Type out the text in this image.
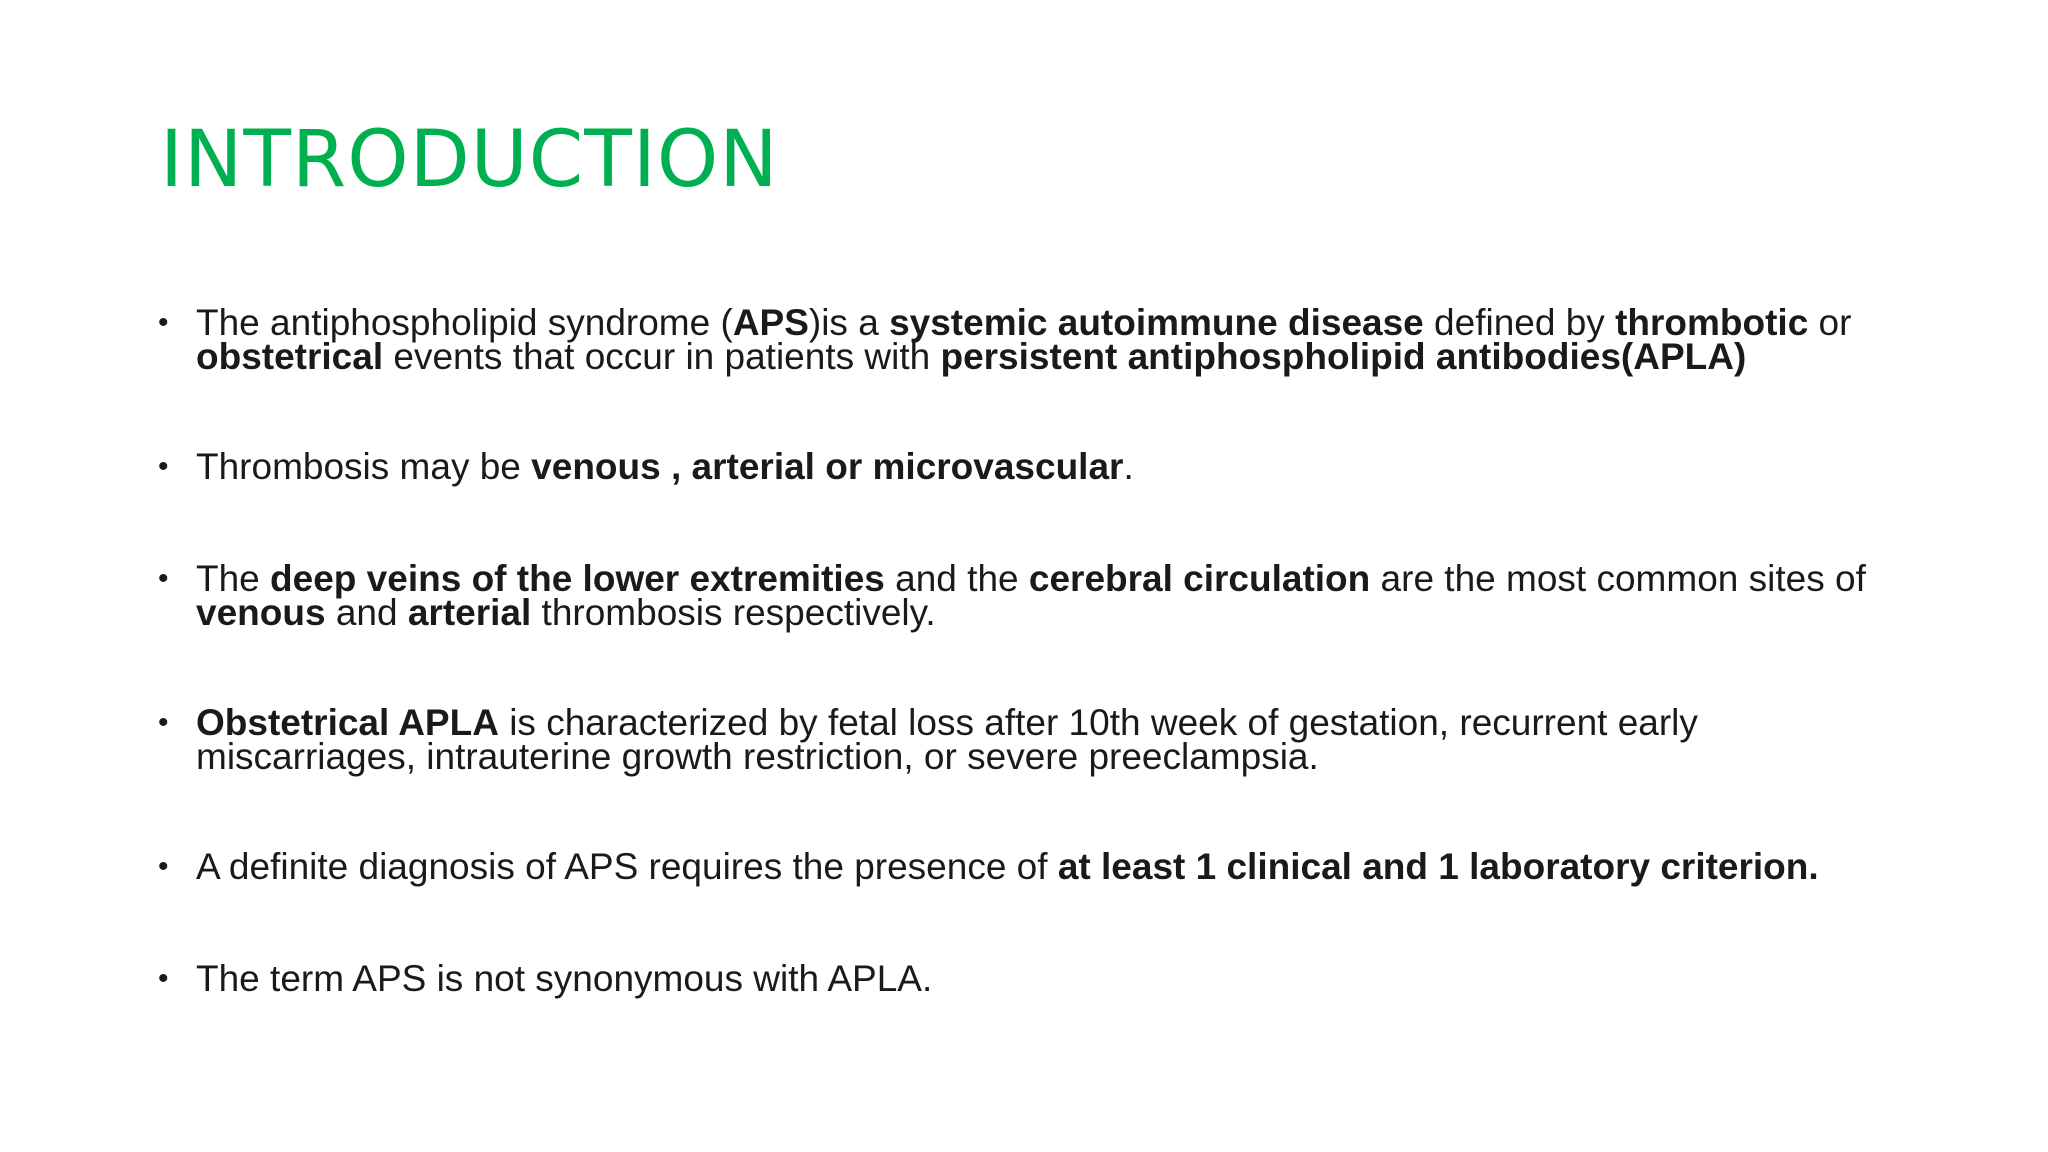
INTRODUCTION
• The antiphospholipid syndrome (APS)is a systemic autoimmune disease defined by thrombotic or
obstetrical events that occur in patients with persistent antiphospholipid antibodies(APLA)
• Thrombosis may be venous , arterial or microvascular.
• The deep veins of the lower extremities and the cerebral circulation are the most common sites of
venous and arterial thrombosis respectively.
• Obstetrical APLA is characterized by fetal loss after 10th week of gestation, recurrent early miscarriages, intrauterine growth restriction, or severe preeclampsia.
• A definite diagnosis of APS requires the presence of at least 1 clinical and 1 laboratory criterion.
• The term APS is not synonymous with APLA.
